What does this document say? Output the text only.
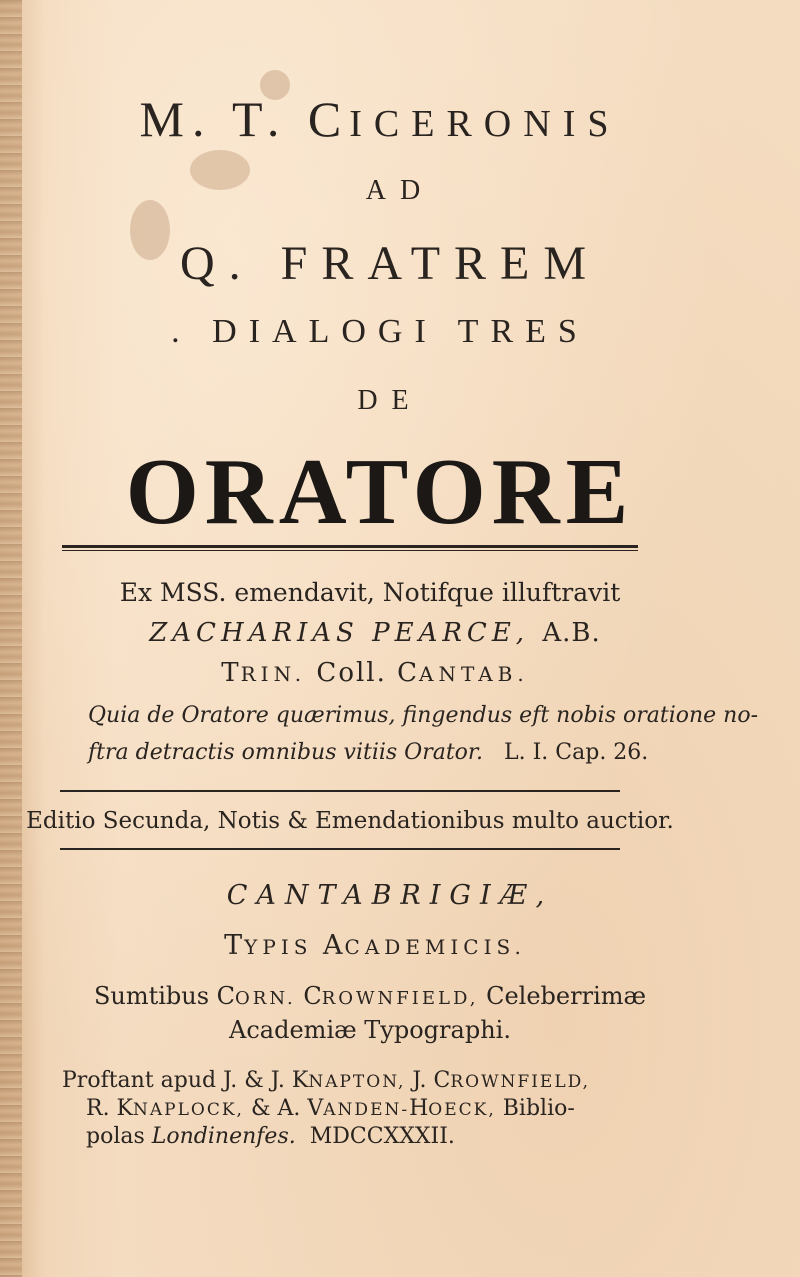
M. T. CICERONIS
AD
Q. FRATREM
. DIALOGI TRES
DE
ORATORE
Ex MSS. emendavit, Notifque illuftravit
ZACHARIAS PEARCE, A.B.
TRIN. Coll. CANTAB.
Quia de Oratore quærimus, fingendus eft nobis oratione no-
ftra detractis omnibus vitiis Orator. L. I. Cap. 26.
Editio Secunda, Notis & Emendationibus multo auctior.
CANTABRIGIÆ,
TYPIS ACADEMICIS.
Sumtibus CORN. CROWNFIELD, Celeberrimæ
Academiæ Typographi.
Proftant apud J. & J. KNAPTON, J. CROWNFIELD,
R. KNAPLOCK, & A. VANDEN-HOECK, Biblio-
polas Londinenfes. MDCCXXXII.
